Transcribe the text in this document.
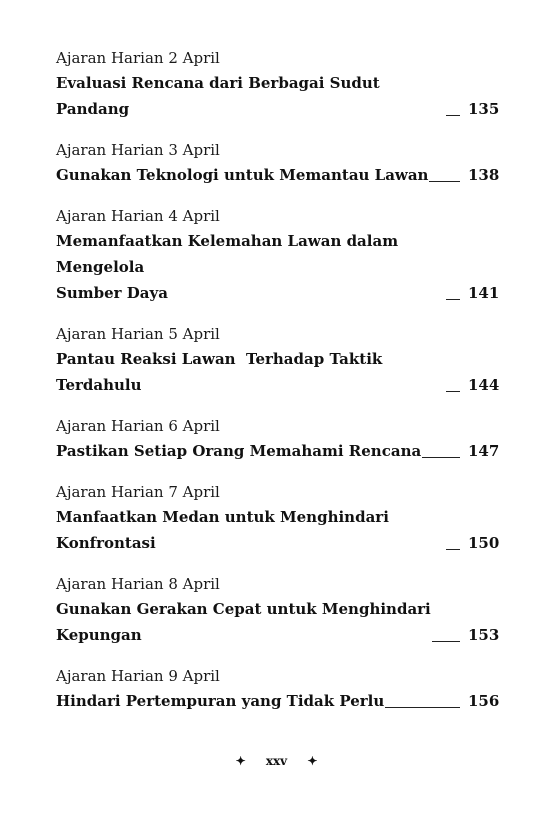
Ajaran Harian 2 April
Evaluasi Rencana dari Berbagai Sudut Pandang	135
Ajaran Harian 3 April
Gunakan Teknologi untuk Memantau Lawan	138
Ajaran Harian 4 April
Memanfaatkan Kelemahan Lawan dalam Mengelola
Sumber Daya	141
Ajaran Harian 5 April
Pantau Reaksi Lawan  Terhadap Taktik Terdahulu	144
Ajaran Harian 6 April
Pastikan Setiap Orang Memahami Rencana	147
Ajaran Harian 7 April
Manfaatkan Medan untuk Menghindari Konfrontasi	150
Ajaran Harian 8 April
Gunakan Gerakan Cepat untuk Menghindari
Kepungan	153
Ajaran Harian 9 April
Hindari Pertempuran yang Tidak Perlu	156
✦ xxv ✦
